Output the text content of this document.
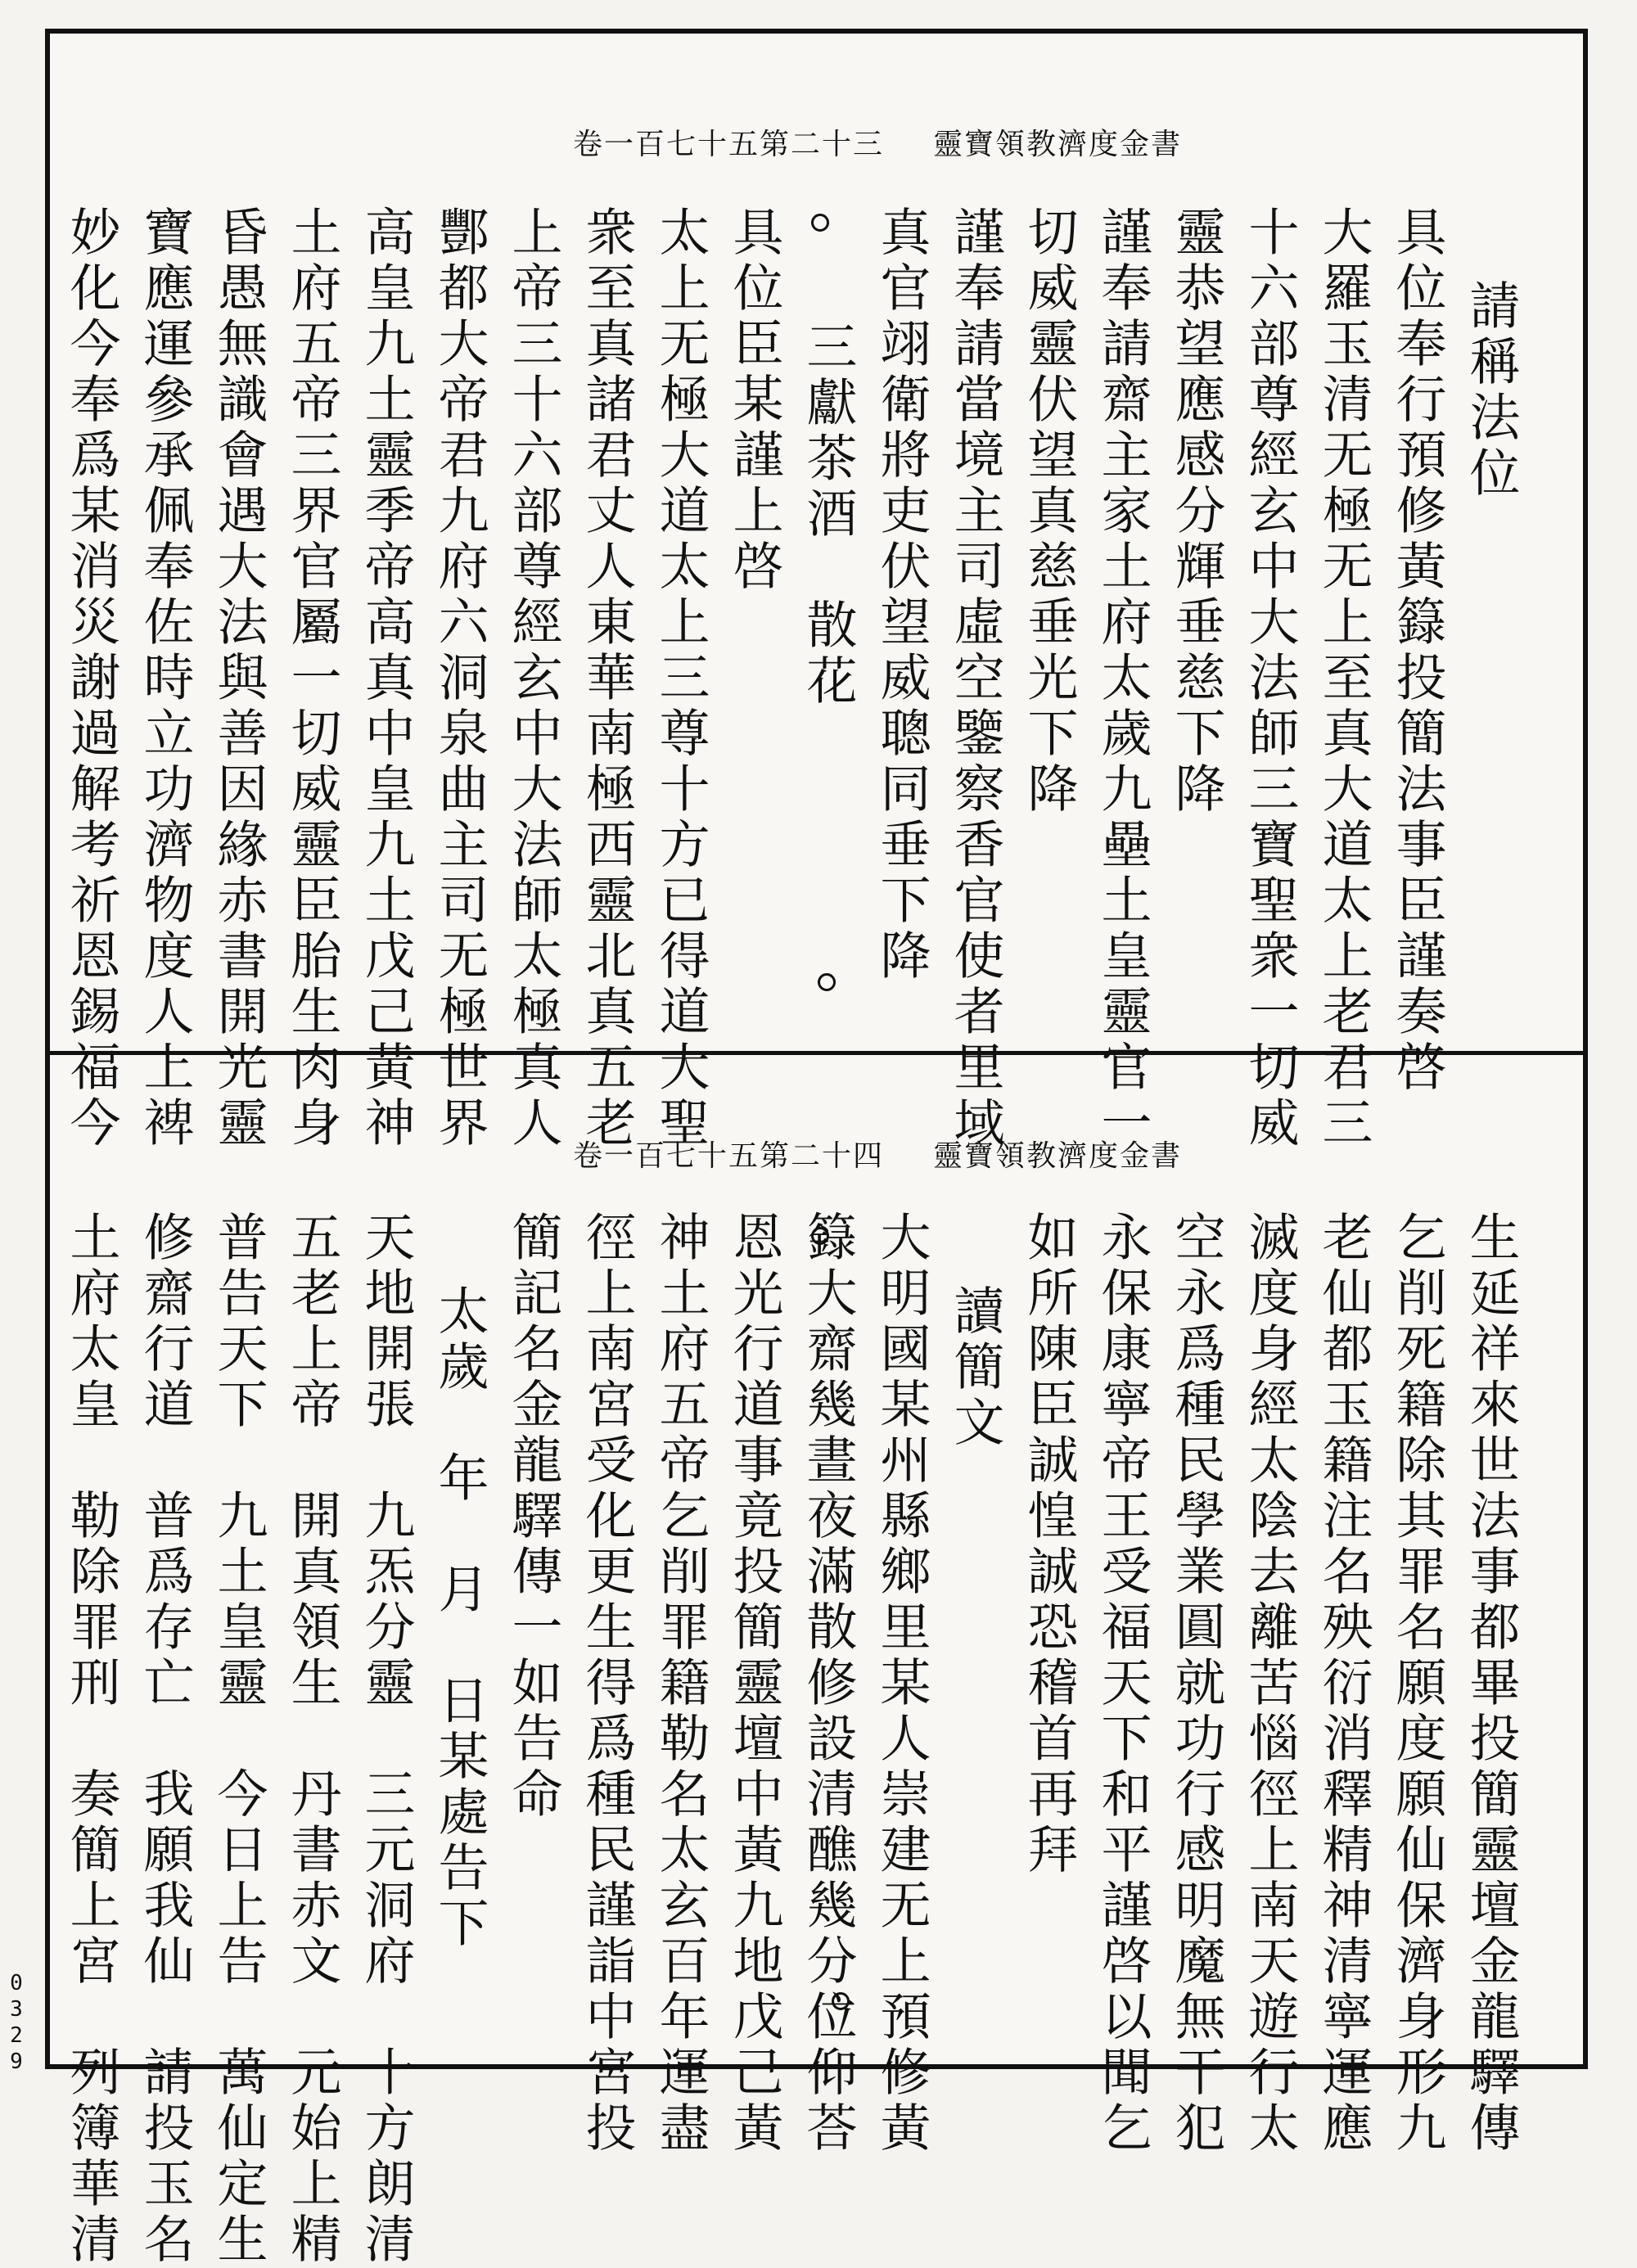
靈寶領教濟度金書
卷一百七十五第二十三
請稱法位
具位奉行預修黃籙投簡法事臣謹奏啓
大羅玉清无極无上至真大道太上老君三
十六部尊經玄中大法師三寶聖衆一切威
靈恭望應感分輝垂慈下降
謹奉請齋主家土府太歲九壘土皇靈官一
切威靈伏望真慈垂光下降
謹奉請當境主司虛空鑒察香官使者里域
真官翊衛將吏伏望威聰同垂下降
三獻茶酒　散花
具位臣某謹上啓
太上无極大道太上三尊十方已得道大聖
衆至真諸君丈人東華南極西靈北真五老
上帝三十六部尊經玄中大法師太極真人
酆都大帝君九府六洞泉曲主司无極世界
高皇九土靈季帝高真中皇九土戊己黃神
土府五帝三界官屬一切威靈臣胎生肉身
昏愚無識會遇大法與善因緣赤書開光靈
寶應運參承佩奉佐時立功濟物度人上裨
妙化今奉爲某消災謝過解考祈恩錫福今
靈寶領教濟度金書
卷一百七十五第二十四
生延祥來世法事都畢投簡靈壇金龍驛傳
乞削死籍除其罪名願度願仙保濟身形九
老仙都玉籍注名殃衍消釋精神清寧運應
滅度身經太陰去離苦惱徑上南天遊行太
空永爲種民學業圓就功行感明魔無干犯
永保康寧帝王受福天下和平謹啓以聞乞
如所陳臣誠惶誠恐稽首再拜
讀簡文
大明國某州縣鄉里某人崇建无上預修黃
籙大齋幾晝夜滿散修設清醮幾分位仰荅
恩光行道事竟投簡靈壇中黃九地戊己黃
神土府五帝乞削罪籍勒名太玄百年運盡
徑上南宮受化更生得爲種民謹詣中宮投
簡記名金龍驛傳一如告命
太歲　年　月　日某處告下
天地開張　九炁分靈　三元洞府　十方朗清
五老上帝　開真領生　丹書赤文　元始上精
普告天下　九土皇靈　今日上告　萬仙定生
修齋行道　普爲存亡　我願我仙　請投玉名
土府太皇　勒除罪刑　奏簡上宮　列簿華清
0329
